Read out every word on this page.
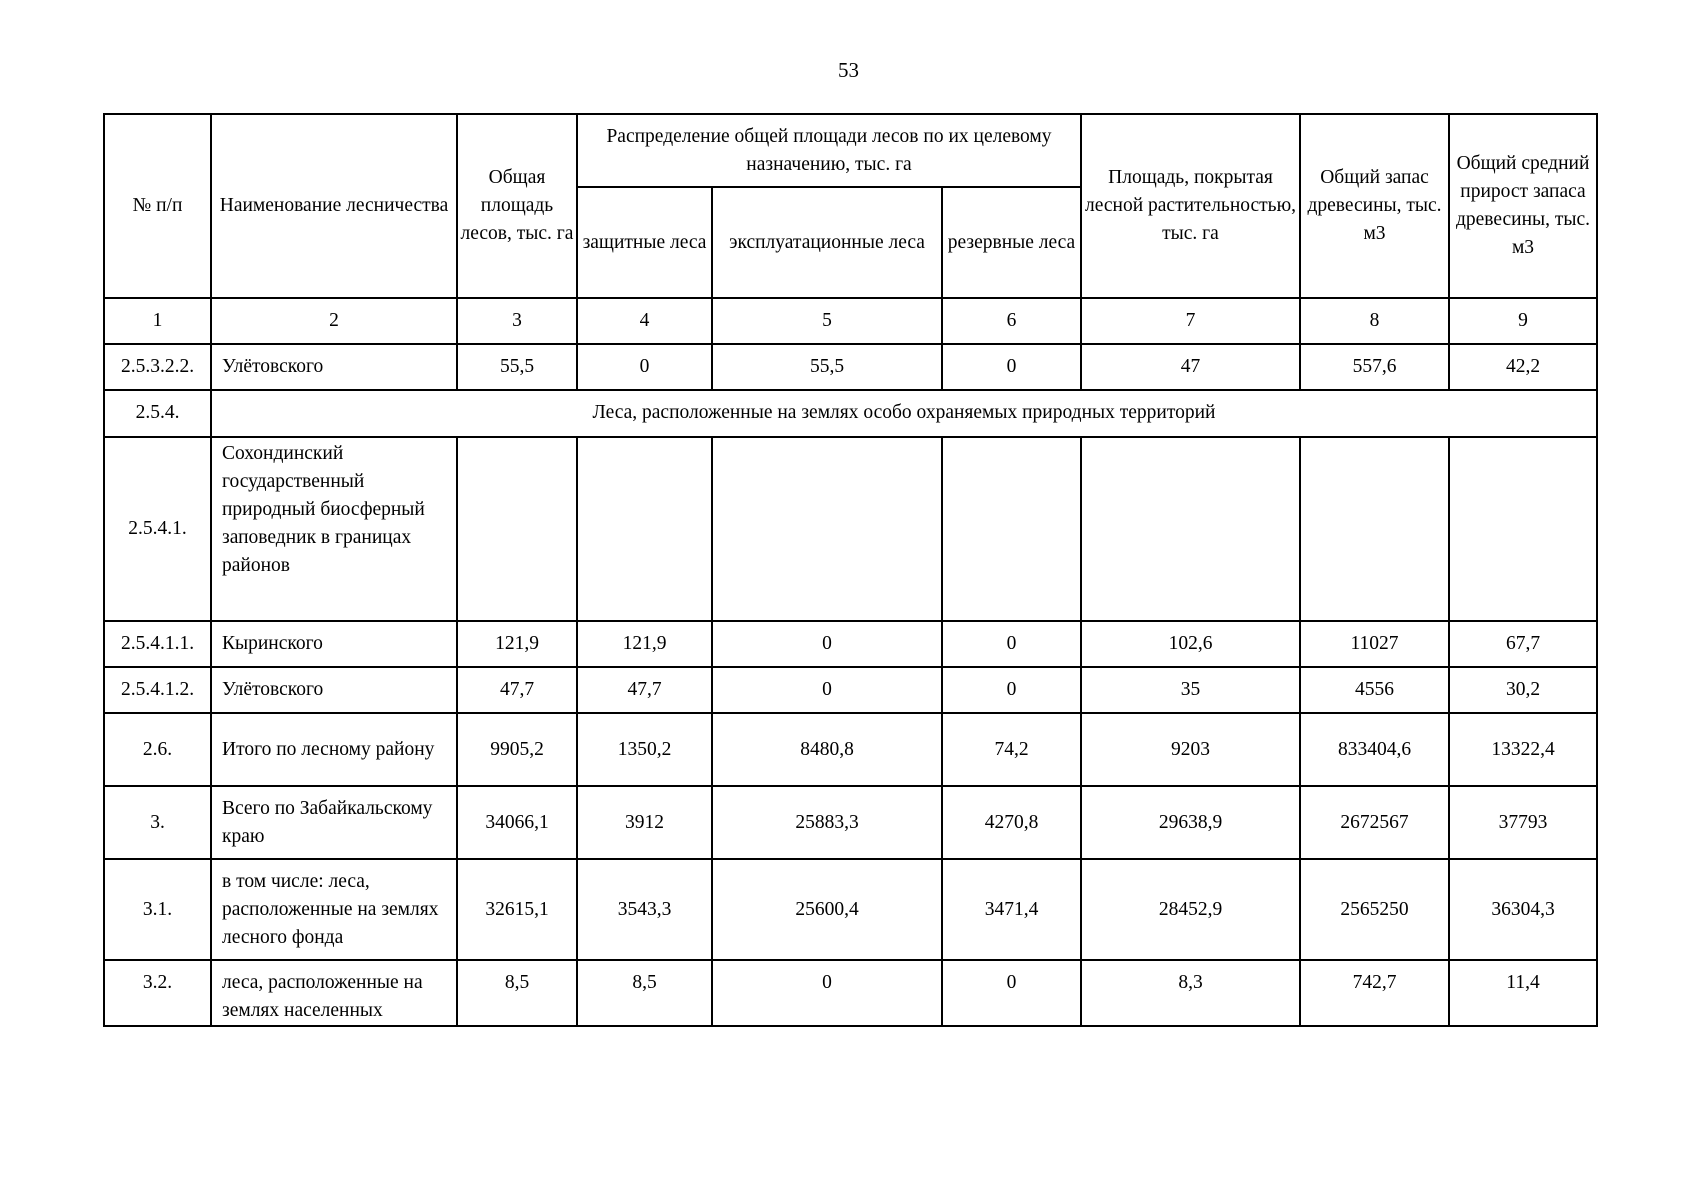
53
№ п/п	Наименование лесничества	Общая площадь лесов, тыс. га	Распределение общей площади лесов по их целевому назначению, тыс. га			Площадь, покрытая лесной растительностью, тыс. га	Общий запас древесины, тыс. м3	Общий средний прирост запаса древесины, тыс. м3
			защитные леса	эксплуатационные леса	резервные леса			
1	2	3	4	5	6	7	8	9
2.5.3.2.2.	Улётовского	55,5	0	55,5	0	47	557,6	42,2
2.5.4.	Леса, расположенные на землях особо охраняемых природных территорий							
2.5.4.1.	Сохондинский государственный природный биосферный заповедник в границах районов							
2.5.4.1.1.	Кыринского	121,9	121,9	0	0	102,6	11027	67,7
2.5.4.1.2.	Улётовского	47,7	47,7	0	0	35	4556	30,2
2.6.	Итого по лесному району	9905,2	1350,2	8480,8	74,2	9203	833404,6	13322,4
3.	Всего по Забайкальскому краю	34066,1	3912	25883,3	4270,8	29638,9	2672567	37793
3.1.	в том числе: леса, расположенные на землях лесного фонда	32615,1	3543,3	25600,4	3471,4	28452,9	2565250	36304,3
3.2.	леса, расположенные на землях населенных	8,5	8,5	0	0	8,3	742,7	11,4
